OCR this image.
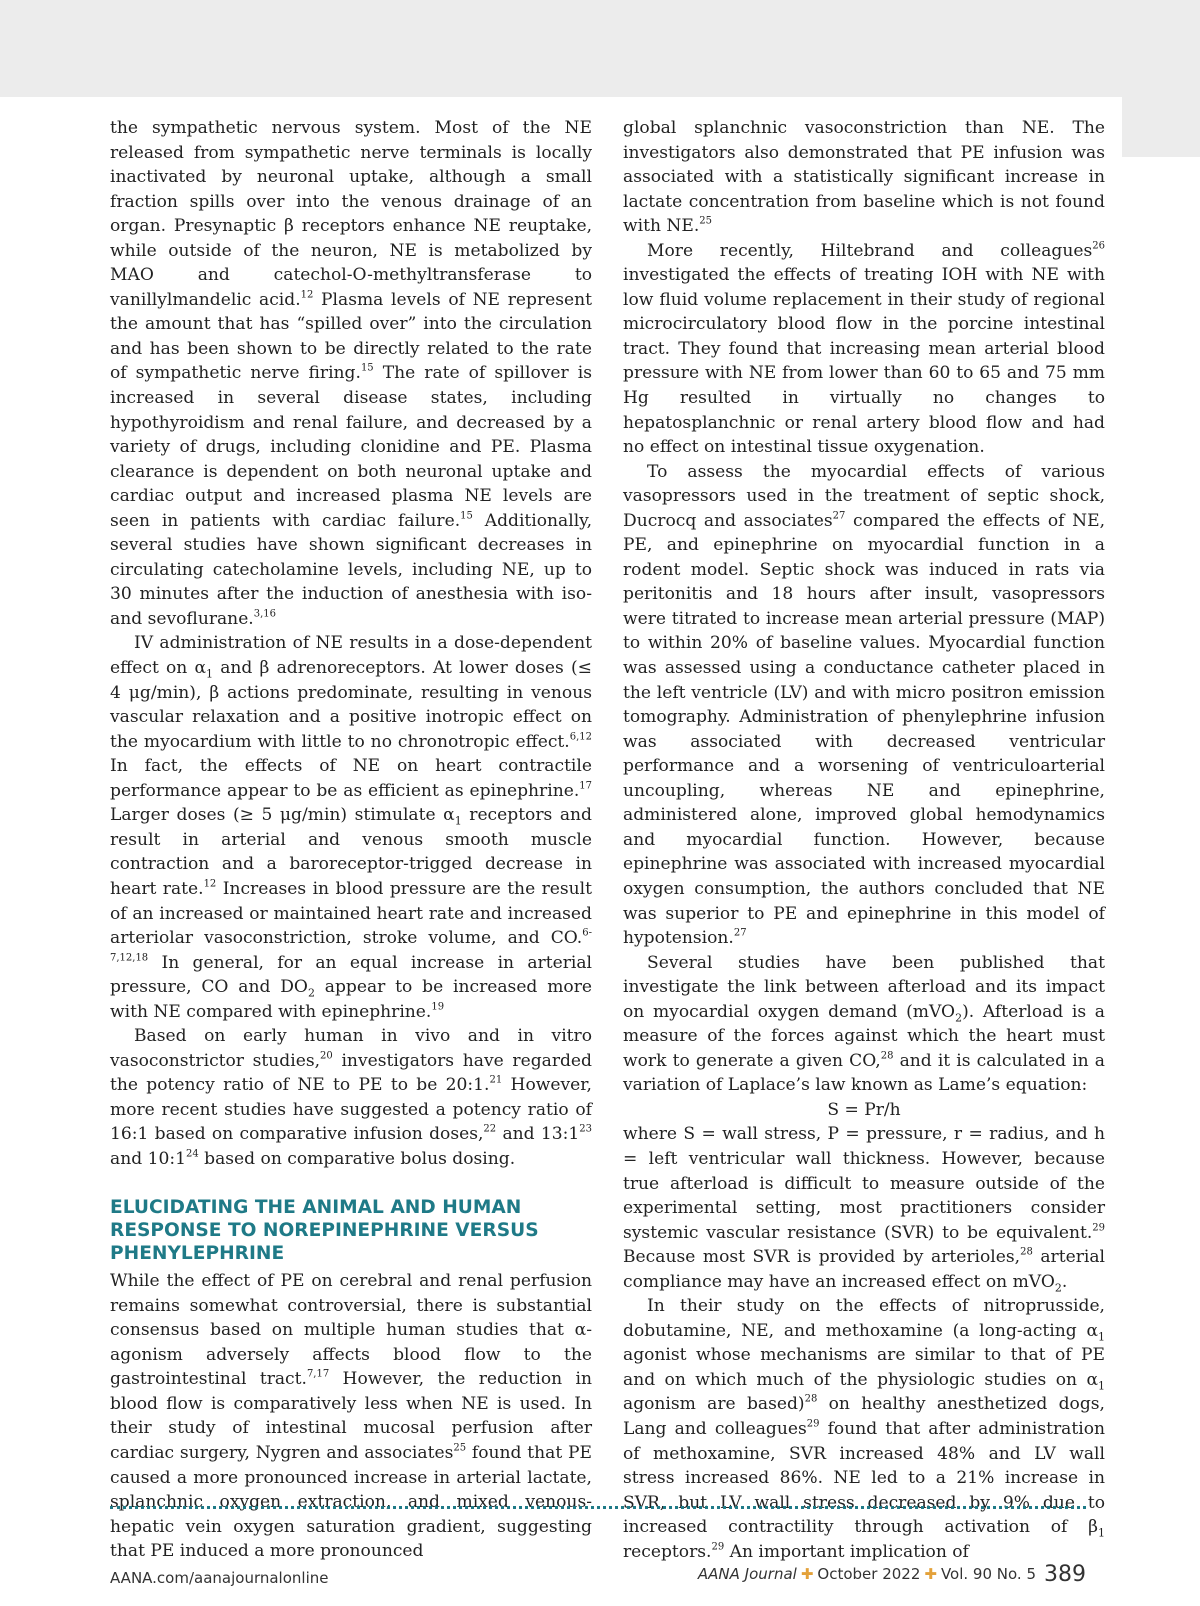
the sympathetic nervous system. Most of the NE released from sympathetic nerve terminals is locally inactivated by neuronal uptake, although a small fraction spills over into the venous drainage of an organ. Presynaptic β receptors enhance NE reuptake, while outside of the neuron, NE is metabolized by MAO and catechol-O-methyltransferase to vanillylmandelic acid.$^{12}$ Plasma levels of NE represent the amount that has “spilled over” into the circulation and has been shown to be directly related to the rate of sympathetic nerve firing.$^{15}$ The rate of spillover is increased in several disease states, including hypothyroidism and renal failure, and decreased by a variety of drugs, including clonidine and PE. Plasma clearance is dependent on both neuronal uptake and cardiac output and increased plasma NE levels are seen in patients with cardiac failure.$^{15}$ Additionally, several studies have shown significant decreases in circulating catecholamine levels, including NE, up to 30 minutes after the induction of anesthesia with iso- and sevoflurane.$^{3,16}$

IV administration of NE results in a dose-dependent effect on $\alpha_1$ and β adrenoreceptors. At lower doses (≤ 4 μg/min), β actions predominate, resulting in venous vascular relaxation and a positive inotropic effect on the myocardium with little to no chronotropic effect.$^{6,12}$ In fact, the effects of NE on heart contractile performance appear to be as efficient as epinephrine.$^{17}$ Larger doses (≥ 5 μg/min) stimulate $\alpha_1$ receptors and result in arterial and venous smooth muscle contraction and a baroreceptor-trigged decrease in heart rate.$^{12}$ Increases in blood pressure are the result of an increased or maintained heart rate and increased arteriolar vasoconstriction, stroke volume, and CO.$^{6-7,12,18}$ In general, for an equal increase in arterial pressure, CO and $DO_2$ appear to be increased more with NE compared with epinephrine.$^{19}$

Based on early human in vivo and in vitro vasoconstrictor studies,$^{20}$ investigators have regarded the potency ratio of NE to PE to be 20:1.21 However, more recent studies have suggested a potency ratio of 16:1 based on comparative infusion doses,$^{22}$ and $13:1^{23}$ and $10:1^{24}$ based on comparative bolus dosing.

ELUCIDATING THE ANIMAL AND HUMAN RESPONSE TO NOREPINEPHRINE VERSUS PHENYLEPHRINE

While the effect of PE on cerebral and renal perfusion remains somewhat controversial, there is substantial consensus based on multiple human studies that α-agonism adversely affects blood flow to the gastrointestinal tract.$^{7,17}$ However, the reduction in blood flow is comparatively less when NE is used. In their study of intestinal mucosal perfusion after cardiac surgery, Nygren and associates$^{25}$ found that PE caused a more pronounced increase in arterial lactate, splanchnic oxygen extraction, and mixed venous-hepatic vein oxygen saturation gradient, suggesting that PE induced a more pronounced

global splanchnic vasoconstriction than NE. The investigators also demonstrated that PE infusion was associated with a statistically significant increase in lactate concentration from baseline which is not found with NE.$^{25}$

More recently, Hiltebrand and colleagues$^{26}$ investigated the effects of treating IOH with NE with low fluid volume replacement in their study of regional microcirculatory blood flow in the porcine intestinal tract. They found that increasing mean arterial blood pressure with NE from lower than 60 to 65 and 75 mm Hg resulted in virtually no changes to hepatosplanchnic or renal artery blood flow and had no effect on intestinal tissue oxygenation.

To assess the myocardial effects of various vasopressors used in the treatment of septic shock, Ducrocq and associates$^{27}$ compared the effects of NE, PE, and epinephrine on myocardial function in a rodent model. Septic shock was induced in rats via peritonitis and 18 hours after insult, vasopressors were titrated to increase mean arterial pressure (MAP) to within 20% of baseline values. Myocardial function was assessed using a conductance catheter placed in the left ventricle (LV) and with micro positron emission tomography. Administration of phenylephrine infusion was associated with decreased ventricular performance and a worsening of ventriculoarterial uncoupling, whereas NE and epinephrine, administered alone, improved global hemodynamics and myocardial function. However, because epinephrine was associated with increased myocardial oxygen consumption, the authors concluded that NE was superior to PE and epinephrine in this model of hypotension.$^{27}$

Several studies have been published that investigate the link between afterload and its impact on myocardial oxygen demand (mVO$_2$). Afterload is a measure of the forces against which the heart must work to generate a given CO,$^{28}$ and it is calculated in a variation of Laplace’s law known as Lame’s equation:

S = Pr/h

where S = wall stress, P = pressure, r = radius, and h = left ventricular wall thickness. However, because true afterload is difficult to measure outside of the experimental setting, most practitioners consider systemic vascular resistance (SVR) to be equivalent.$^{29}$ Because most SVR is provided by arterioles,$^{28}$ arterial compliance may have an increased effect on mVO$_2$.

In their study on the effects of nitroprusside, dobutamine, NE, and methoxamine (a long-acting $\alpha_1$ agonist whose mechanisms are similar to that of PE and on which much of the physiologic studies on $\alpha_1$ agonism are based)$^{28}$ on healthy anesthetized dogs, Lang and colleagues$^{29}$ found that after administration of methoxamine, SVR increased 48% and LV wall stress increased 86%. NE led to a 21% increase in SVR, but LV wall stress decreased by 9% due to increased contractility through activation of $\beta_1$ receptors.$^{29}$ An important implication of

AANA.com/aanajournalonline	AANA Journal ✚ October 2022 ✚ Vol. 90 No. 5 389
